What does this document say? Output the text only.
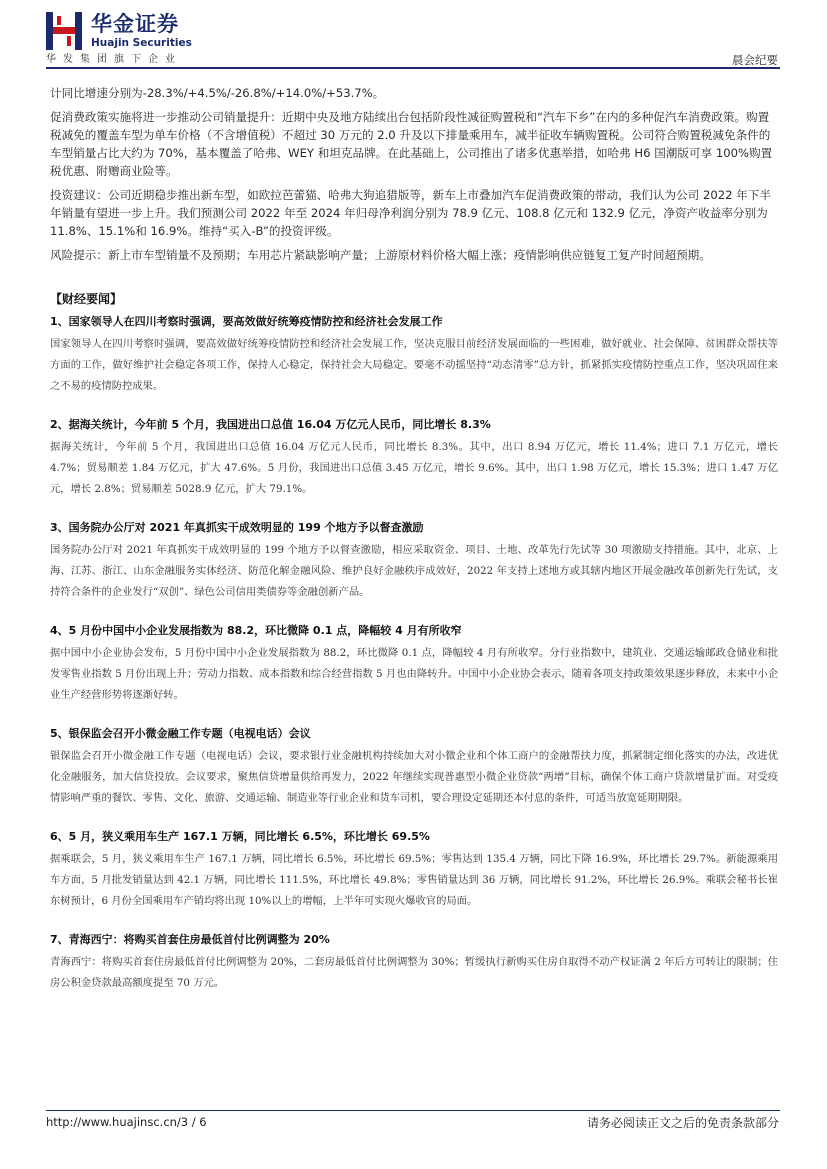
华金证券
Huajin Securities
华发集团旗下企业	晨会纪要

计同比增速分别为-28.3%/+4.5%/-26.8%/+14.0%/+53.7%。

促消费政策实施将进一步推动公司销量提升：近期中央及地方陆续出台包括阶段性减征购置税和“汽车下乡”在内的多种促汽车消费政策。购置税减免的覆盖车型为单车价格（不含增值税）不超过 30 万元的 2.0 升及以下排量乘用车，减半征收车辆购置税。公司符合购置税减免条件的车型销量占比大约为 70%，基本覆盖了哈弗、WEY 和坦克品牌。在此基础上，公司推出了诸多优惠举措，如哈弗 H6 国潮版可享 100%购置税优惠、附赠商业险等。

投资建议：公司近期稳步推出新车型，如欧拉芭蕾猫、哈弗大狗追猎版等，新车上市叠加汽车促消费政策的带动，我们认为公司 2022 年下半年销量有望进一步上升。我们预测公司 2022 年至 2024 年归母净利润分别为 78.9 亿元、108.8 亿元和 132.9 亿元，净资产收益率分别为 11.8%、15.1%和 16.9%。维持“买入-B”的投资评级。

风险提示：新上市车型销量不及预期；车用芯片紧缺影响产量；上游原材料价格大幅上涨；疫情影响供应链复工复产时间超预期。

【财经要闻】
1、国家领导人在四川考察时强调，要高效做好统筹疫情防控和经济社会发展工作
国家领导人在四川考察时强调，要高效做好统筹疫情防控和经济社会发展工作，坚决克服目前经济发展面临的一些困难，做好就业、社会保障、贫困群众帮扶等方面的工作，做好维护社会稳定各项工作，保持人心稳定，保持社会大局稳定。要毫不动摇坚持“动态清零”总方针，抓紧抓实疫情防控重点工作，坚决巩固住来之不易的疫情防控成果。
2、据海关统计，今年前 5 个月，我国进出口总值 16.04 万亿元人民币，同比增长 8.3%
据海关统计，今年前 5 个月，我国进出口总值 16.04 万亿元人民币，同比增长 8.3%。其中，出口 8.94 万亿元，增长 11.4%；进口 7.1 万亿元，增长 4.7%；贸易顺差 1.84 万亿元，扩大 47.6%。5 月份，我国进出口总值 3.45 万亿元，增长 9.6%。其中，出口 1.98 万亿元，增长 15.3%；进口 1.47 万亿元，增长 2.8%；贸易顺差 5028.9 亿元，扩大 79.1%。
3、国务院办公厅对 2021 年真抓实干成效明显的 199 个地方予以督查激励
国务院办公厅对 2021 年真抓实干成效明显的 199 个地方予以督查激励，相应采取资金、项目、土地、改革先行先试等 30 项激励支持措施。其中，北京、上海、江苏、浙江、山东金融服务实体经济、防范化解金融风险、维护良好金融秩序成效好，2022 年支持上述地方或其辖内地区开展金融改革创新先行先试，支持符合条件的企业发行“双创”、绿色公司信用类债券等金融创新产品。
4、5 月份中国中小企业发展指数为 88.2，环比微降 0.1 点，降幅较 4 月有所收窄
据中国中小企业协会发布，5 月份中国中小企业发展指数为 88.2，环比微降 0.1 点，降幅较 4 月有所收窄。分行业指数中，建筑业、交通运输邮政仓储业和批发零售业指数 5 月份出现上升；劳动力指数、成本指数和综合经营指数 5 月也由降转升。中国中小企业协会表示，随着各项支持政策效果逐步释放，未来中小企业生产经营形势将逐渐好转。
5、银保监会召开小微金融工作专题（电视电话）会议
银保监会召开小微金融工作专题（电视电话）会议，要求银行业金融机构持续加大对小微企业和个体工商户的金融帮扶力度，抓紧制定细化落实的办法，改进优化金融服务，加大信贷投放。会议要求，聚焦信贷增量供给再发力，2022 年继续实现普惠型小微企业贷款“两增”目标，确保个体工商户贷款增量扩面。对受疫情影响严重的餐饮、零售、文化、旅游、交通运输、制造业等行业企业和货车司机，要合理设定延期还本付息的条件，可适当放宽延期期限。
6、5 月，狭义乘用车生产 167.1 万辆，同比增长 6.5%，环比增长 69.5%
据乘联会，5 月，狭义乘用车生产 167.1 万辆，同比增长 6.5%，环比增长 69.5%；零售达到 135.4 万辆，同比下降 16.9%，环比增长 29.7%。新能源乘用车方面，5 月批发销量达到 42.1 万辆，同比增长 111.5%，环比增长 49.8%；零售销量达到 36 万辆，同比增长 91.2%，环比增长 26.9%。乘联会秘书长崔东树预计，6 月份全国乘用车产销均将出现 10%以上的增幅，上半年可实现火爆收官的局面。
7、青海西宁：将购买首套住房最低首付比例调整为 20%
青海西宁：将购买首套住房最低首付比例调整为 20%，二套房最低首付比例调整为 30%；暂缓执行新购买住房自取得不动产权证满 2 年后方可转让的限制；住房公积金贷款最高额度提至 70 万元。
http://www.huajinsc.cn/3 / 6	请务必阅读正文之后的免责条款部分
